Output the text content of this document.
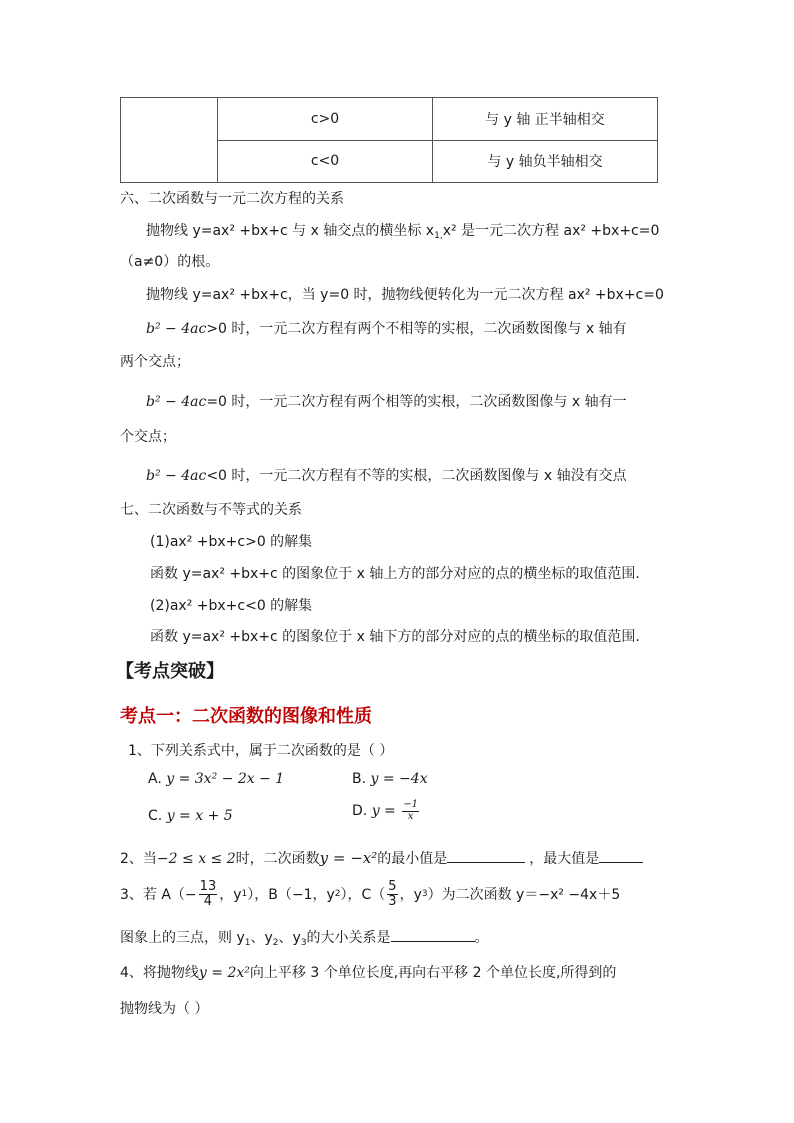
	c>0	与 y 轴 正半轴相交
	c<0	与 y 轴负半轴相交
六、二次函数与一元二次方程的关系
抛物线 y=ax² +bx+c 与 x 轴交点的横坐标 $x_{1,}x^2$ 是一元二次方程 ax² +bx+c=0
（a≠0）的根。
抛物线 y=ax² +bx+c，当 y=0 时，抛物线便转化为一元二次方程 ax² +bx+c=0
b² − 4ac>0 时，一元二次方程有两个不相等的实根，二次函数图像与 x 轴有
两个交点；
b² − 4ac=0 时，一元二次方程有两个相等的实根，二次函数图像与 x 轴有一
个交点；
b² − 4ac<0 时，一元二次方程有不等的实根，二次函数图像与 x 轴没有交点
七、二次函数与不等式的关系
(1)ax² +bx+c>0 的解集
函数 y=ax² +bx+c 的图象位于 x 轴上方的部分对应的点的横坐标的取值范围.
(2)ax² +bx+c<0 的解集
函数 y=ax² +bx+c 的图象位于 x 轴下方的部分对应的点的横坐标的取值范围.
【考点突破】
考点一：二次函数的图像和性质
1、下列关系式中，属于二次函数的是（ ）
A. y = 3x² − 2x − 1	B. y = −4x
C. y = x + 5	D. $y = \frac{-1}{x}$
2、当−2 ≤ x ≤ 2时，二次函数y = −x²的最小值是	，最大值是
3、若 $A(- \frac{13}{4}$ ，y 1 ），B（−1，y 2 ），$C( \frac{5}{3}$ ，y 3 ）为二次函数 y＝−x² −4x＋5
图象上的三点，则 $y_1$、$y_2$、$y_3$的大小关系是	。
4、将抛物线y = 2x²向上平移 3 个单位长度,再向右平移 2 个单位长度,所得到的
抛物线为（ ）
